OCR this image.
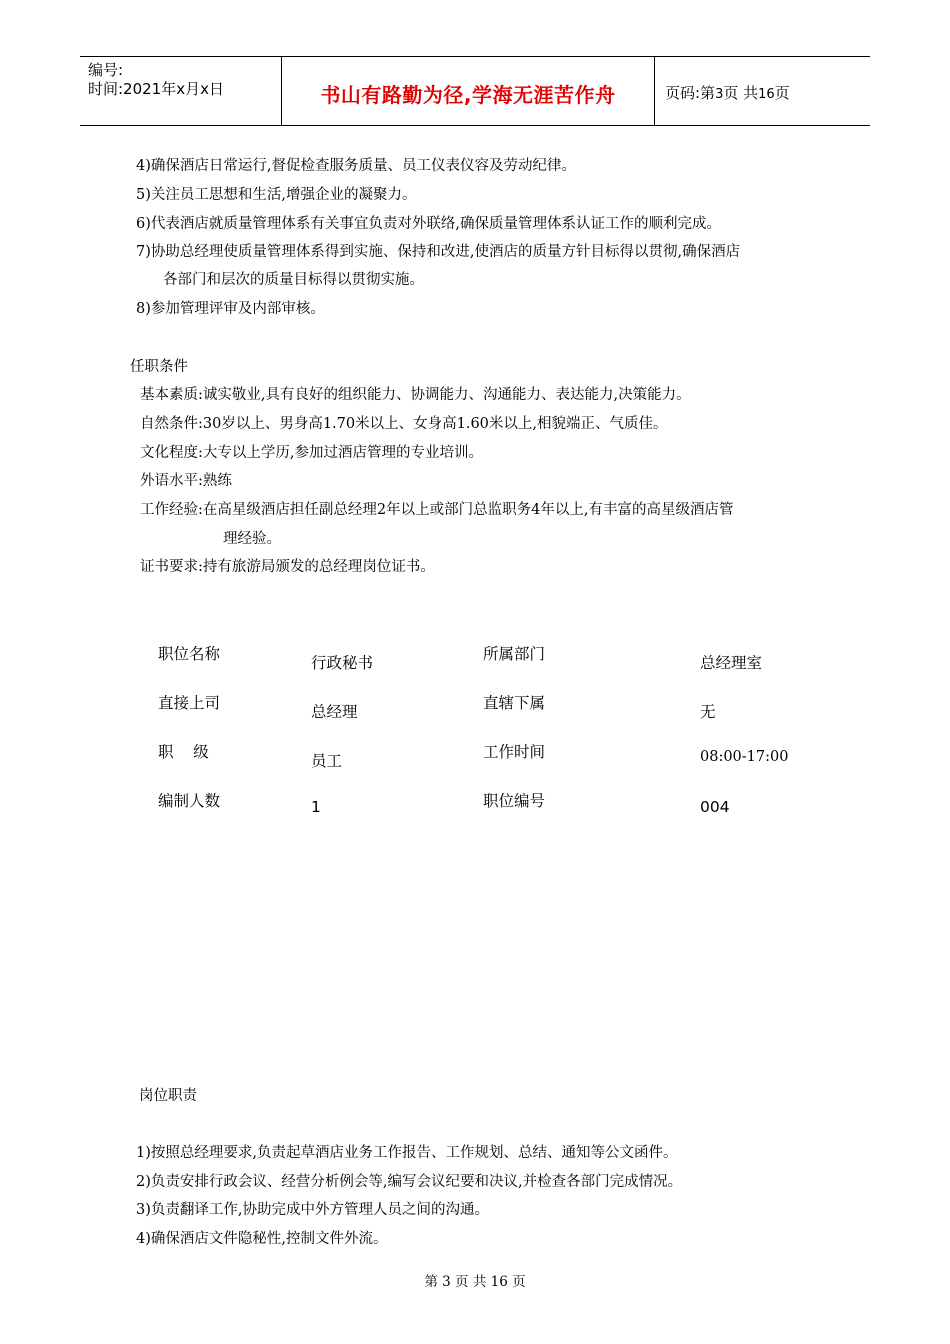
编号:
时间:2021年x月x日	书山有路勤为径,学海无涯苦作舟	页码:第3页 共16页
4)确保酒店日常运行,督促检查服务质量、员工仪表仪容及劳动纪律。
5)关注员工思想和生活,增强企业的凝聚力。
6)代表酒店就质量管理体系有关事宜负责对外联络,确保质量管理体系认证工作的顺利完成。
7)协助总经理使质量管理体系得到实施、保持和改进,使酒店的质量方针目标得以贯彻,确保酒店
各部门和层次的质量目标得以贯彻实施。
8)参加管理评审及内部审核。
任职条件
基本素质:诚实敬业,具有良好的组织能力、协调能力、沟通能力、表达能力,决策能力。
自然条件:30岁以上、男身高1.70米以上、女身高1.60米以上,相貌端正、气质佳。
文化程度:大专以上学历,参加过酒店管理的专业培训。
外语水平:熟练
工作经验:在高星级酒店担任副总经理2年以上或部门总监职务4年以上,有丰富的高星级酒店管
理经验。
证书要求:持有旅游局颁发的总经理岗位证书。
职位名称	行政秘书	所属部门	总经理室
直接上司	总经理	直辖下属	无
职    级	员工	工作时间	08:00-17:00
编制人数	1	职位编号	004
岗位职责
1)按照总经理要求,负责起草酒店业务工作报告、工作规划、总结、通知等公文函件。
2)负责安排行政会议、经营分析例会等,编写会议纪要和决议,并检查各部门完成情况。
3)负责翻译工作,协助完成中外方管理人员之间的沟通。
4)确保酒店文件隐秘性,控制文件外流。
第 3 页 共 16 页
